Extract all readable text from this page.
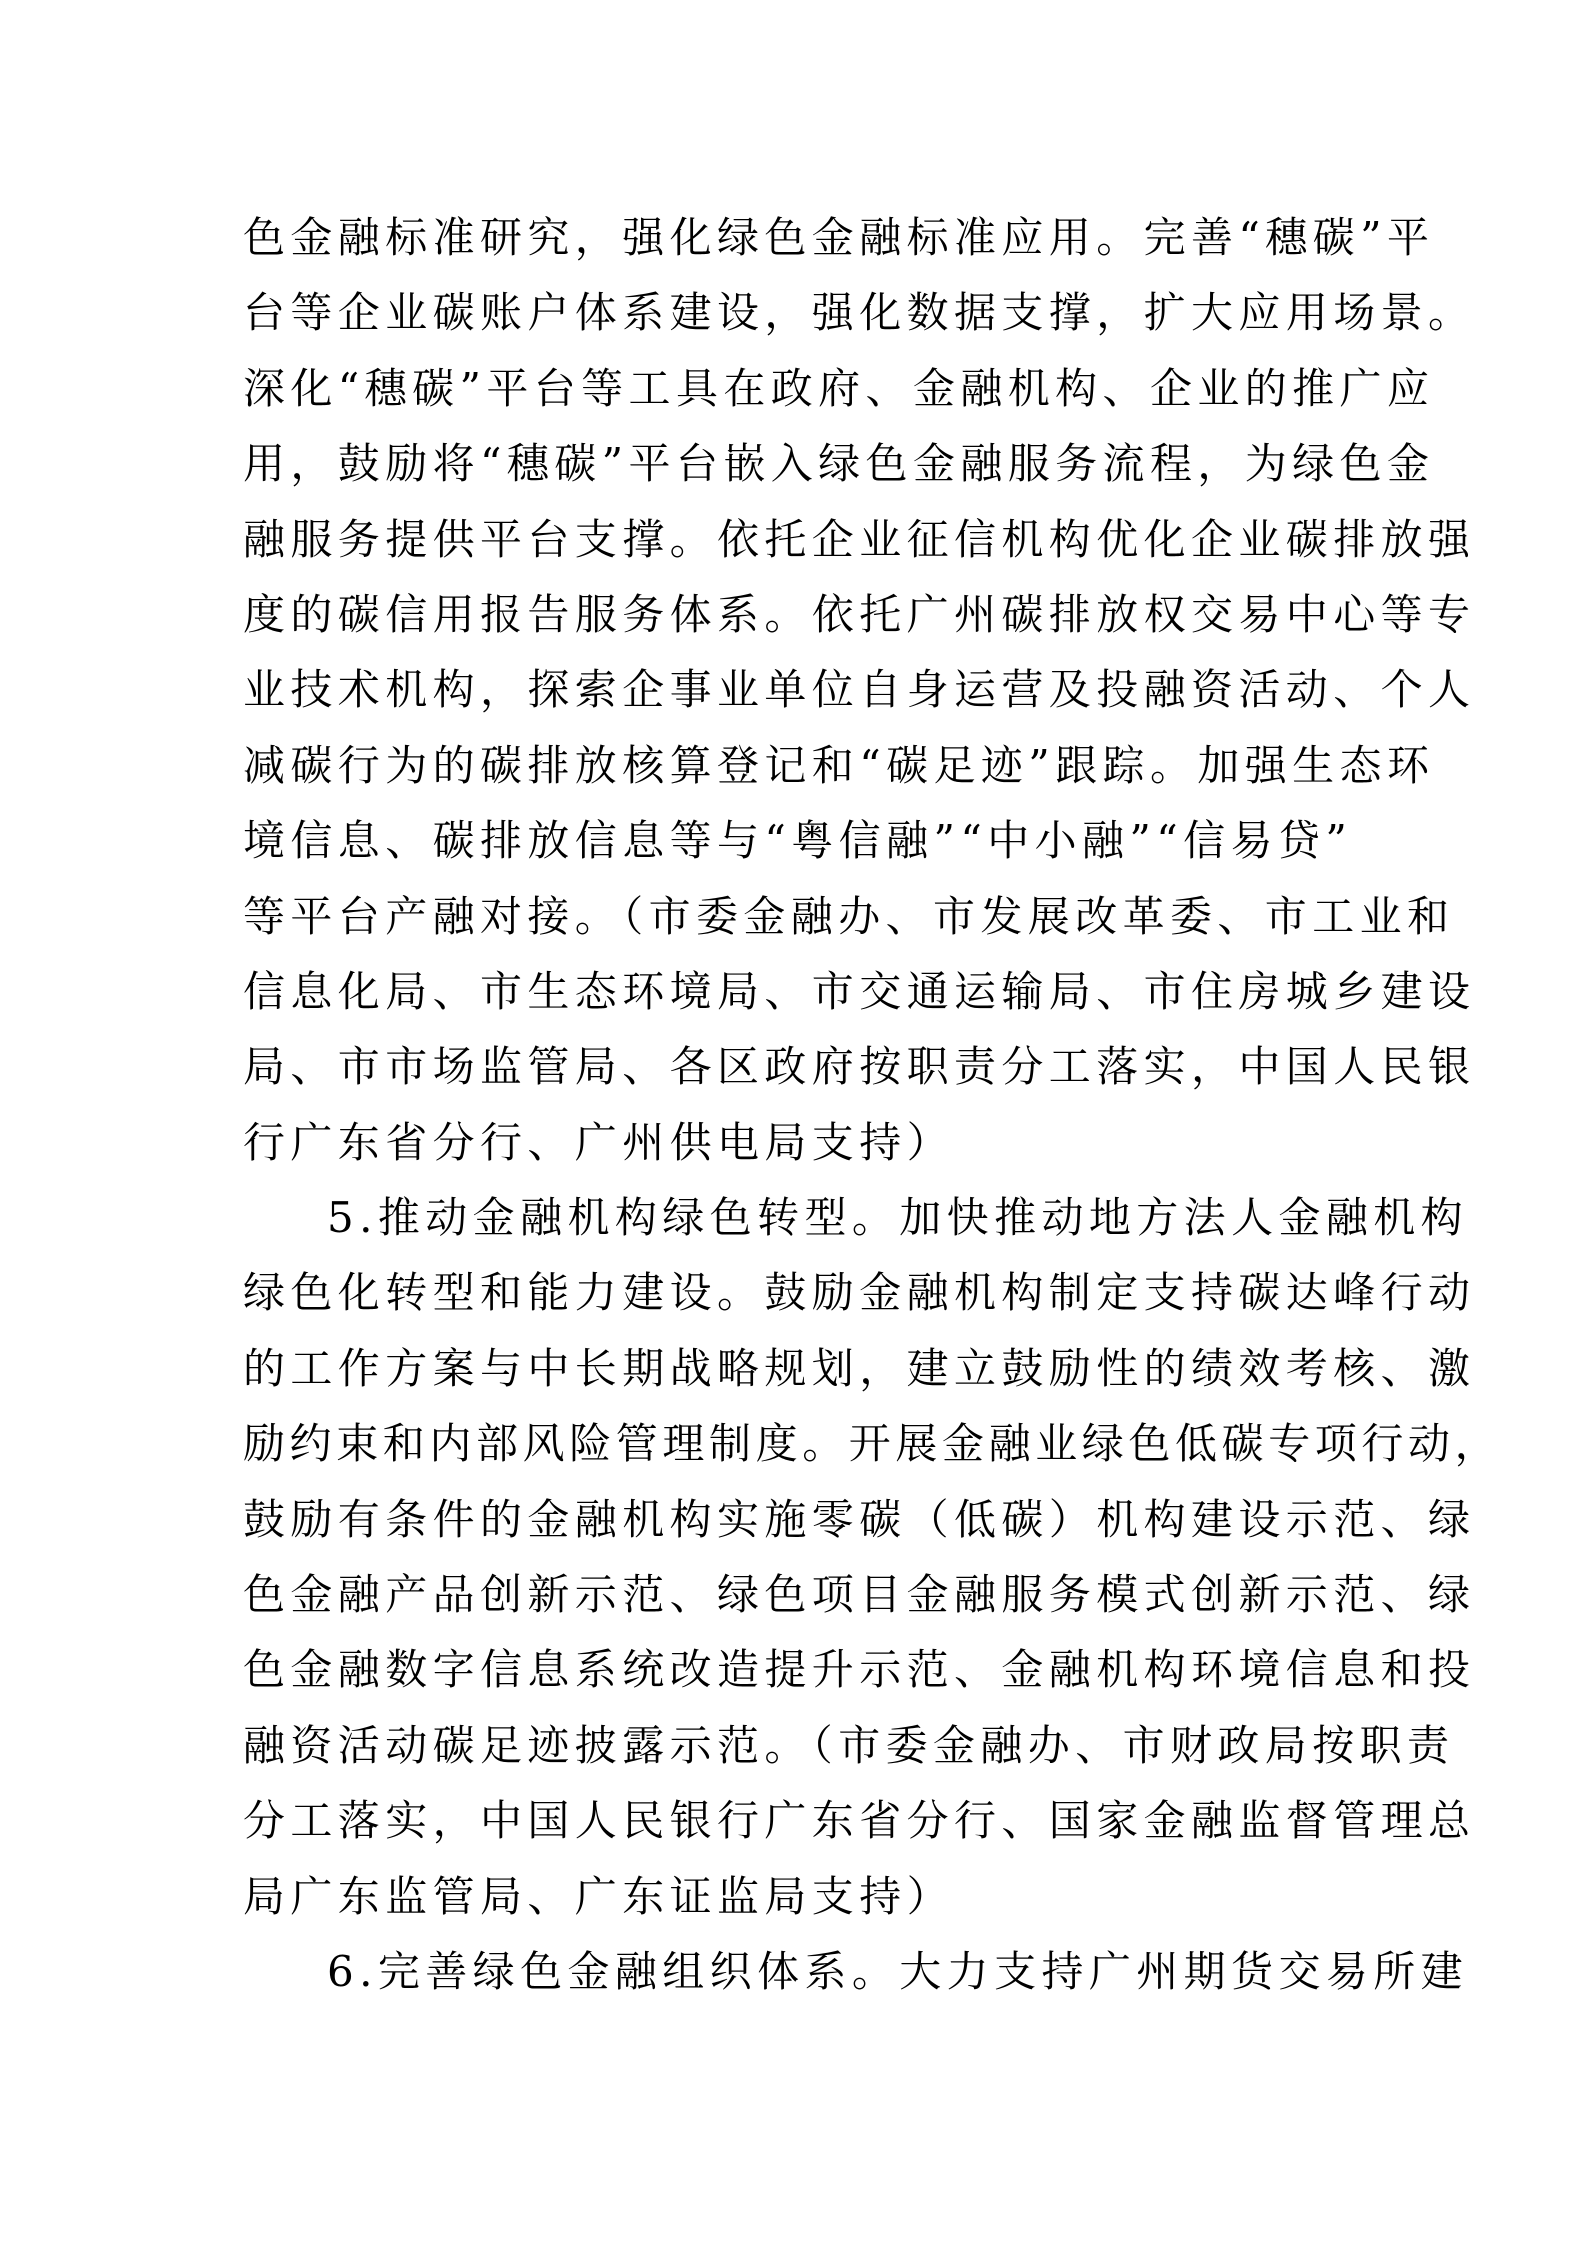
色金融标准研究，强化绿色金融标准应用。完善“穗碳”平
台等企业碳账户体系建设，强化数据支撑，扩大应用场景。
深化“穗碳”平台等工具在政府、金融机构、企业的推广应
用，鼓励将“穗碳”平台嵌入绿色金融服务流程，为绿色金
融服务提供平台支撑。依托企业征信机构优化企业碳排放强
度的碳信用报告服务体系。依托广州碳排放权交易中心等专
业技术机构，探索企事业单位自身运营及投融资活动、个人
减碳行为的碳排放核算登记和“碳足迹”跟踪。加强生态环
境信息、碳排放信息等与“粤信融”“中小融”“信易贷”
等平台产融对接。（市委金融办、市发展改革委、市工业和
信息化局、市生态环境局、市交通运输局、市住房城乡建设
局、市市场监管局、各区政府按职责分工落实，中国人民银
行广东省分行、广州供电局支持）
5.推动金融机构绿色转型。加快推动地方法人金融机构
绿色化转型和能力建设。鼓励金融机构制定支持碳达峰行动
的工作方案与中长期战略规划，建立鼓励性的绩效考核、激
励约束和内部风险管理制度。开展金融业绿色低碳专项行动，
鼓励有条件的金融机构实施零碳（低碳）机构建设示范、绿
色金融产品创新示范、绿色项目金融服务模式创新示范、绿
色金融数字信息系统改造提升示范、金融机构环境信息和投
融资活动碳足迹披露示范。（市委金融办、市财政局按职责
分工落实，中国人民银行广东省分行、国家金融监督管理总
局广东监管局、广东证监局支持）
6.完善绿色金融组织体系。大力支持广州期货交易所建
